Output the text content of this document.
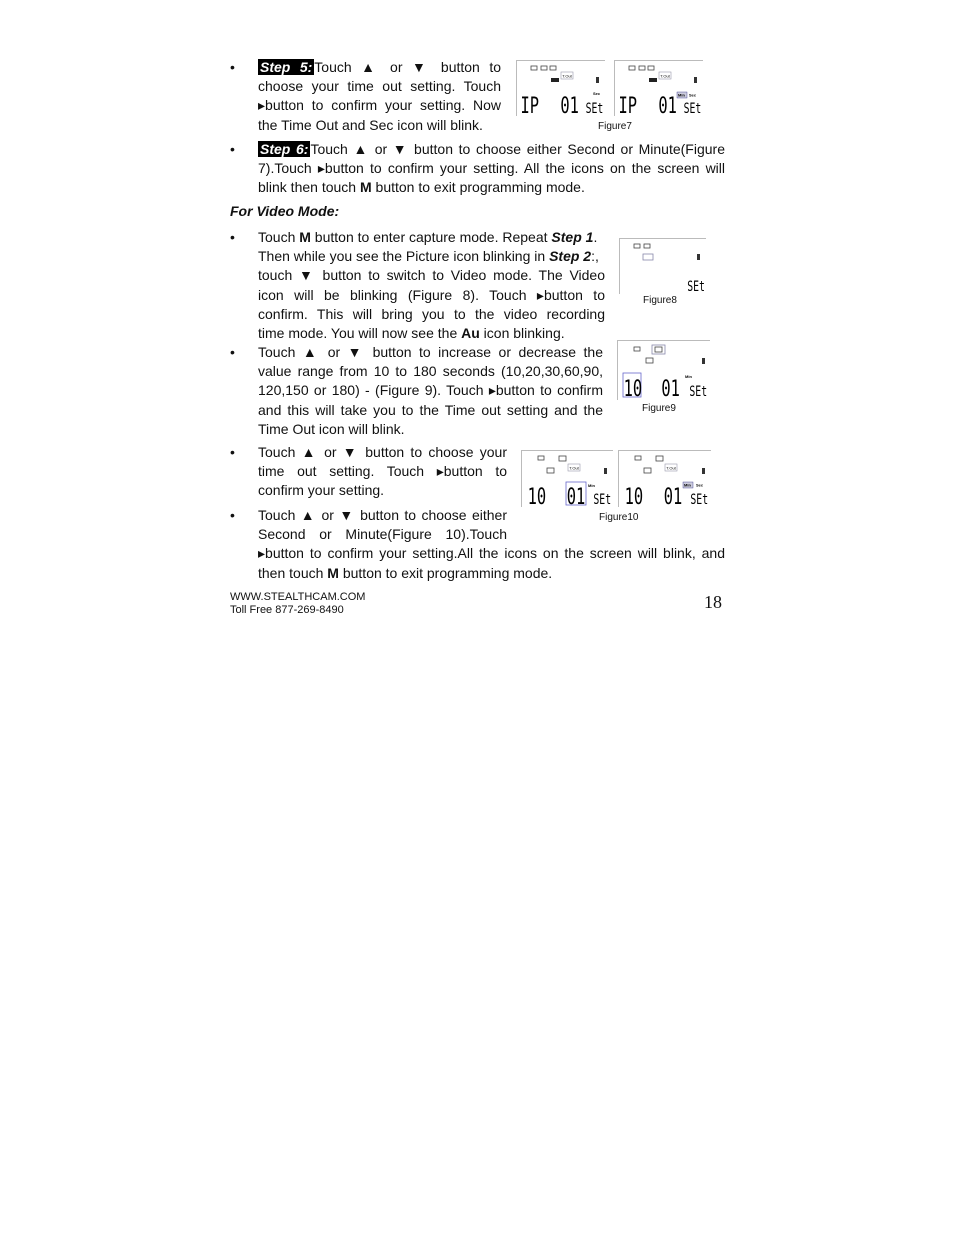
• Step 5: Touch ▲ or ▼ button to
choose your time out setting. Touch
▸button to confirm your setting. Now
the Time Out and Sec icon will blink.
T.Out
Sec
IP 01 SEt
T.Out
Min Sec
IP 01 SEt
Figure7
• Step 6: Touch ▲ or ▼ button to choose either Second or Minute(Figure
7).Touch ▸button to confirm your setting. All the icons on the screen will
blink then touch M button to exit programming mode.
For Video Mode:
• Touch M button to enter capture mode. Repeat Step 1.
Then while you see the Picture icon blinking in Step 2:,
touch ▼ button to switch to Video mode. The Video
icon will be blinking (Figure 8). Touch ▸button to
confirm. This will bring you to the video recording
time mode. You will now see the Au icon blinking.
SEt
Figure8
• Touch ▲ or ▼ button to increase or decrease the
value range from 10 to 180 seconds (10,20,30,60,90,
120,150 or 180) - (Figure 9). Touch ▸button to confirm
and this will take you to the Time out setting and the
Time Out icon will blink.
Min
10 01 SEt
Figure9
• Touch ▲ or ▼ button to choose your
time out setting. Touch ▸button to
confirm your setting.
T.Out
Min
10 01 SEt
T.Out
Min Sec
10 01 SEt
Figure10
• Touch ▲ or ▼ button to choose either
Second or Minute(Figure 10).Touch
▸button to confirm your setting.All the icons on the screen will blink, and
then touch M button to exit programming mode.
WWW.STEALTHCAM.COM
Toll Free 877-269-8490	18
